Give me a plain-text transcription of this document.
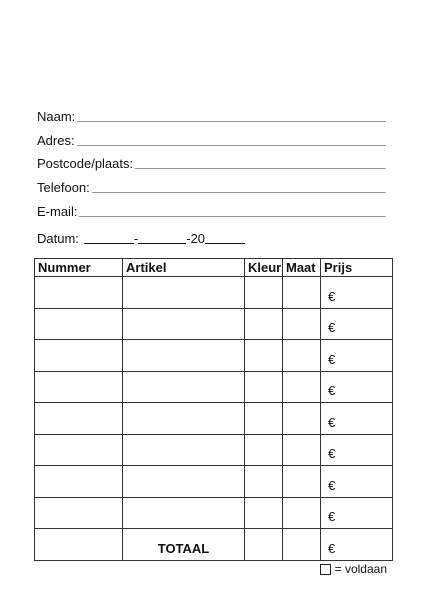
Naam:
Adres:
Postcode/plaats:
Telefoon:
E-mail:
Datum:	-	-20
Nummer	Artikel	Kleur	Maat	Prijs
				€
				€
				€
				€
				€
				€
				€
				€
	TOTAAL			€
= voldaan
